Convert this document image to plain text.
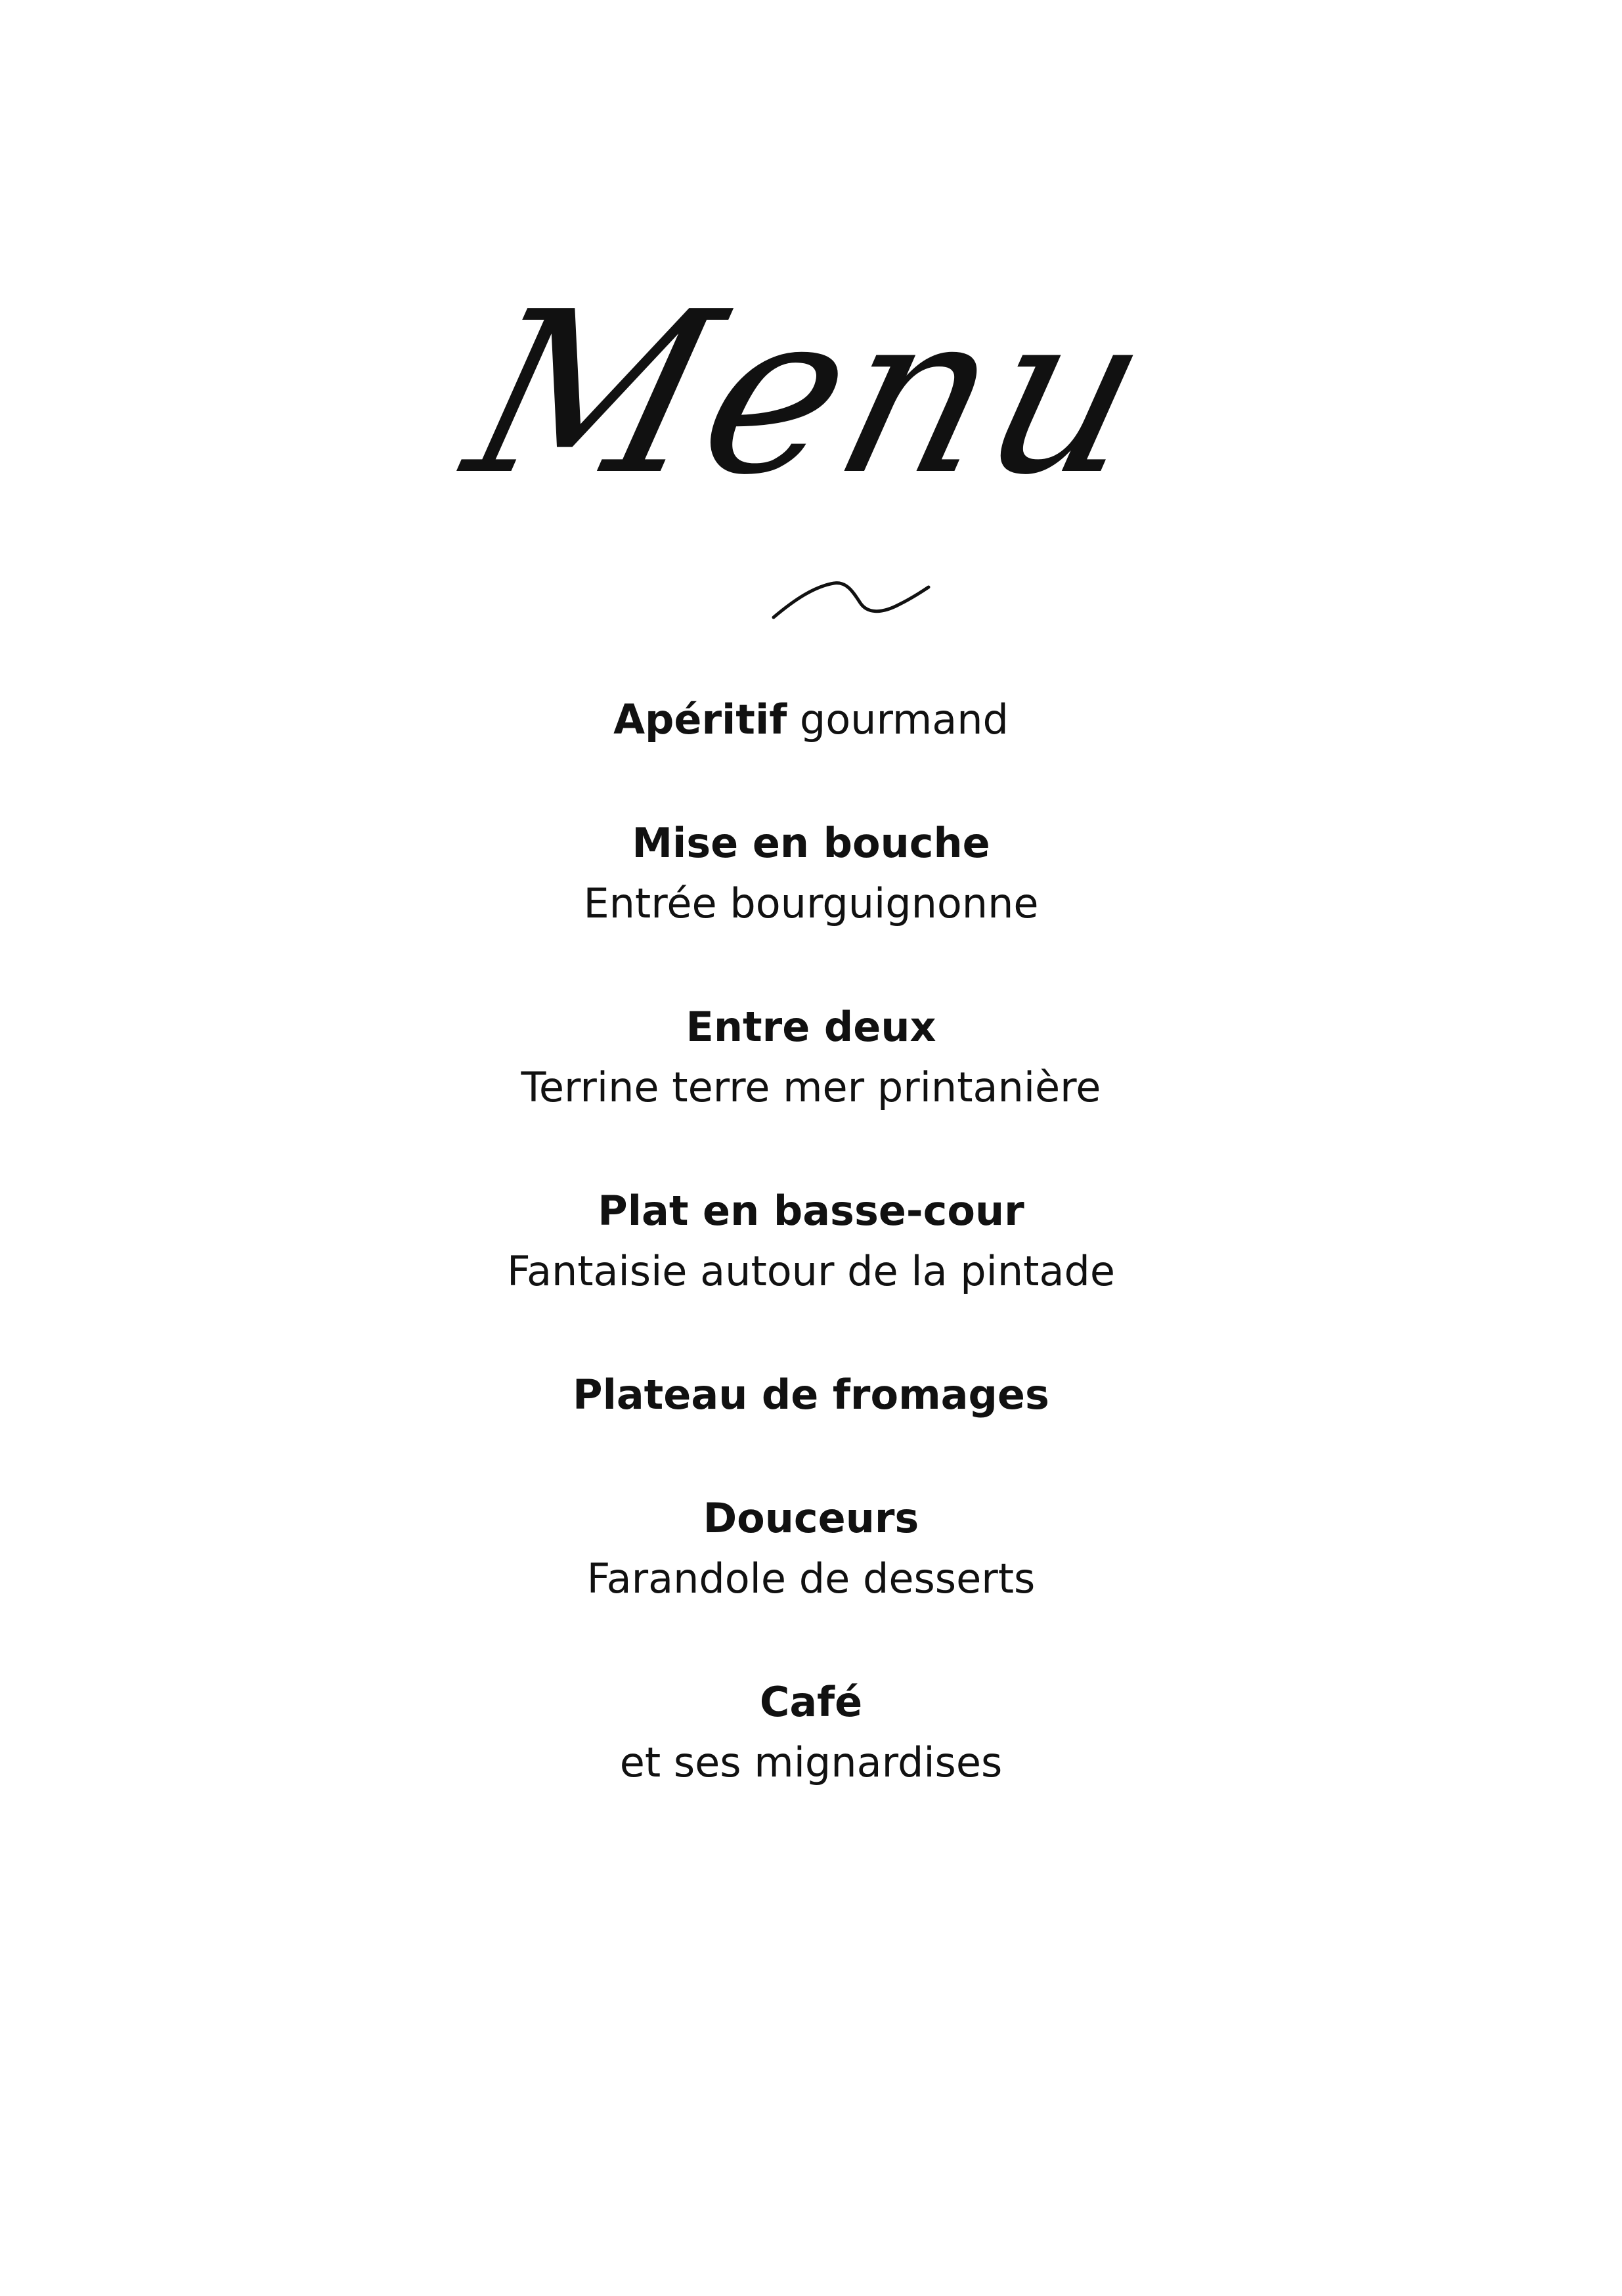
Menu
Apéritif gourmand
Mise en bouche
Entrée bourguignonne
Entre deux
Terrine terre mer printanière
Plat en basse-cour
Fantaisie autour de la pintade
Plateau de fromages
Douceurs
Farandole de desserts
Café
et ses mignardises
